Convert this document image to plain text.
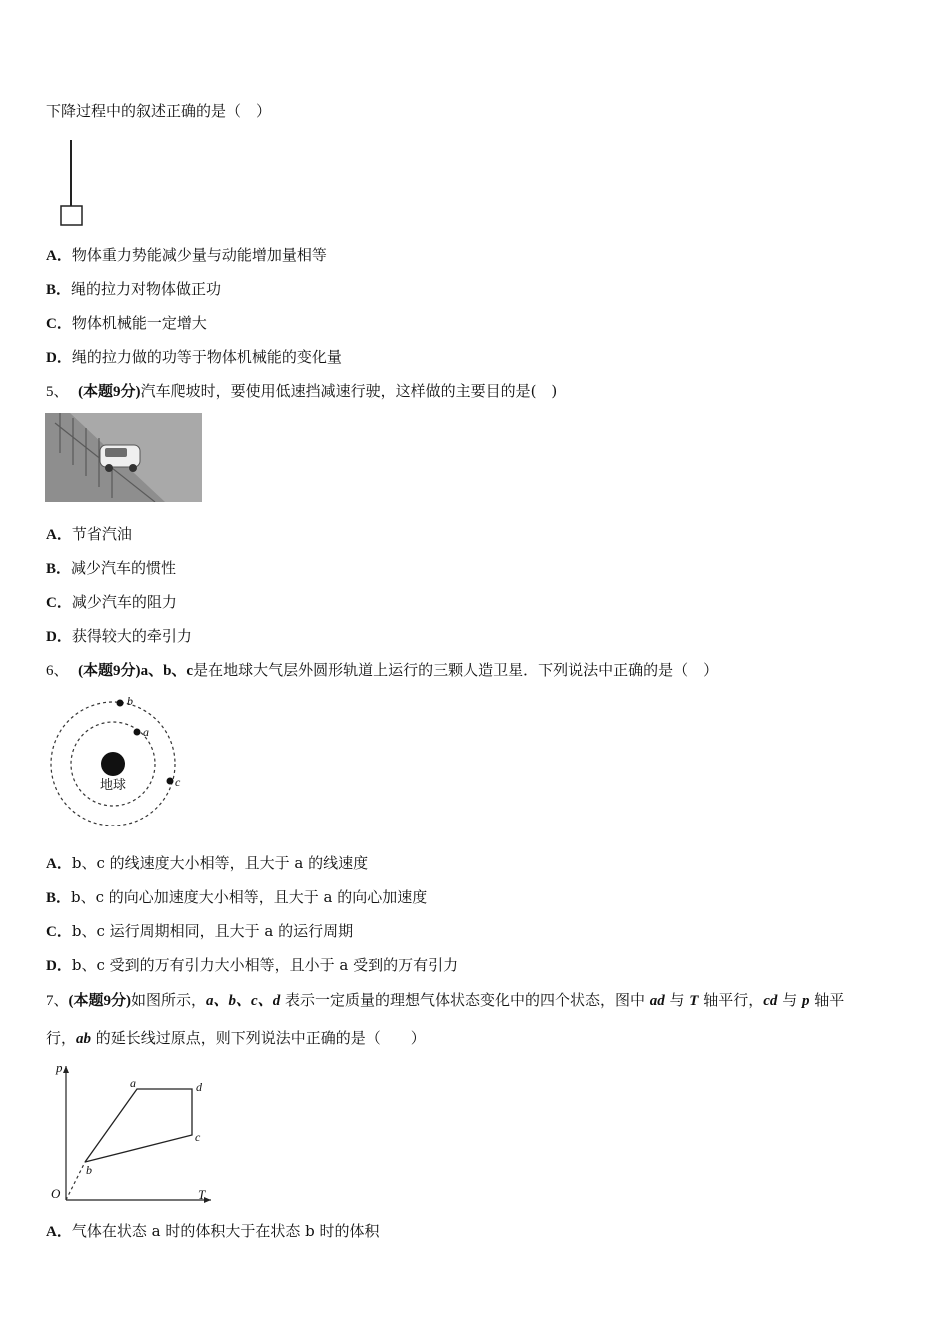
下降过程中的叙述正确的是（　）
A．物体重力势能减少量与动能增加量相等
B．绳的拉力对物体做正功
C．物体机械能一定增大
D．绳的拉力做的功等于物体机械能的变化量
5、 (本题9分)汽车爬坡时，要使用低速挡减速行驶，这样做的主要目的是(　)
A．节省汽油
B．减少汽车的惯性
C．减少汽车的阻力
D．获得较大的牵引力
6、 (本题9分)a、b、c是在地球大气层外圆形轨道上运行的三颗人造卫星．下列说法中正确的是（　）
地球
a
b
c
A．b、c 的线速度大小相等，且大于 a 的线速度
B．b、c 的向心加速度大小相等，且大于 a 的向心加速度
C．b、c 运行周期相同，且大于 a 的运行周期
D．b、c 受到的万有引力大小相等，且小于 a 受到的万有引力
7、(本题9分)如图所示，a、b、c、d 表示一定质量的理想气体状态变化中的四个状态，图中 ad 与 T 轴平行，cd 与 p 轴平
行，ab 的延长线过原点，则下列说法中正确的是（　　）
p
T
O
a
b
c
d
A．气体在状态 a 时的体积大于在状态 b 时的体积
